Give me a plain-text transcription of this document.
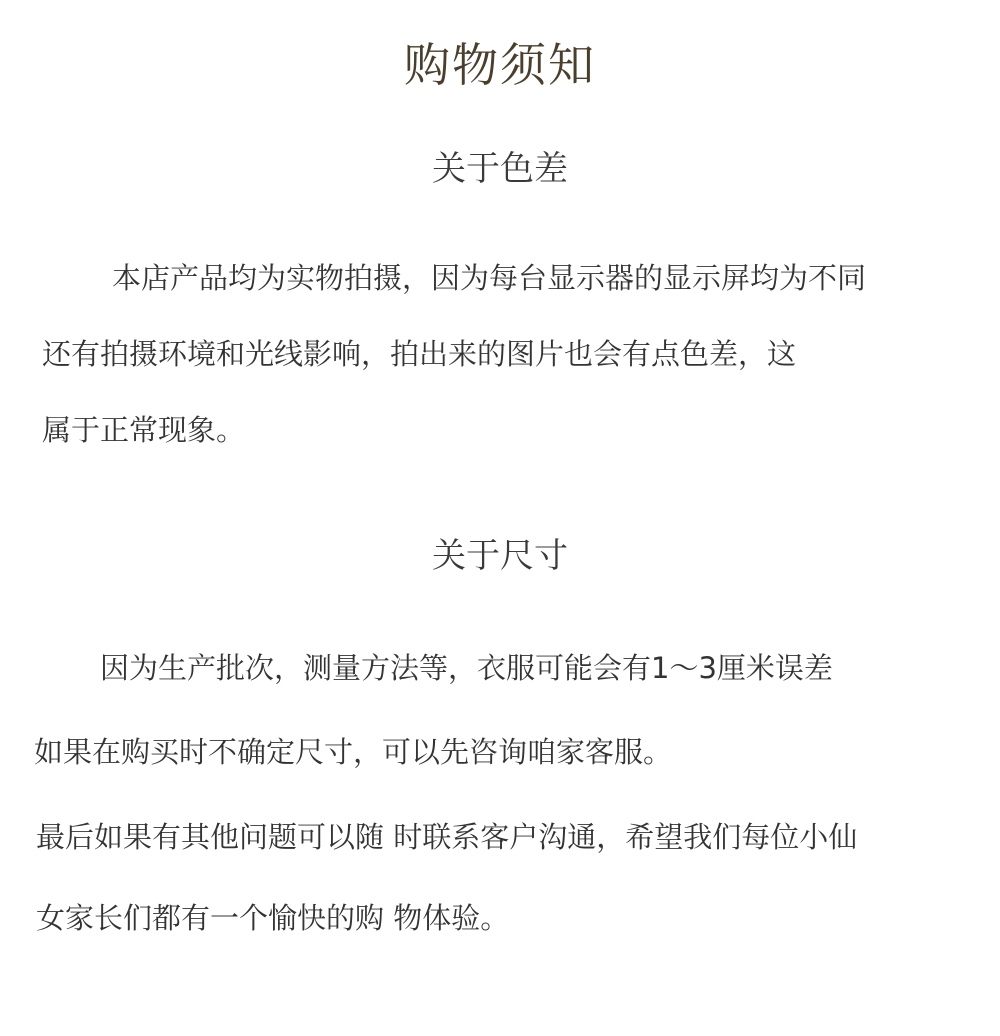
购物须知
关于色差
本店产品均为实物拍摄，因为每台显示器的显示屏均为不同
还有拍摄环境和光线影响，拍出来的图片也会有点色差，这
属于正常现象。
关于尺寸
因为生产批次，测量方法等，衣服可能会有1～3厘米误差
如果在购买时不确定尺寸，可以先咨询咱家客服。
最后如果有其他问题可以随 时联系客户沟通，希望我们每位小仙
女家长们都有一个愉快的购 物体验。
